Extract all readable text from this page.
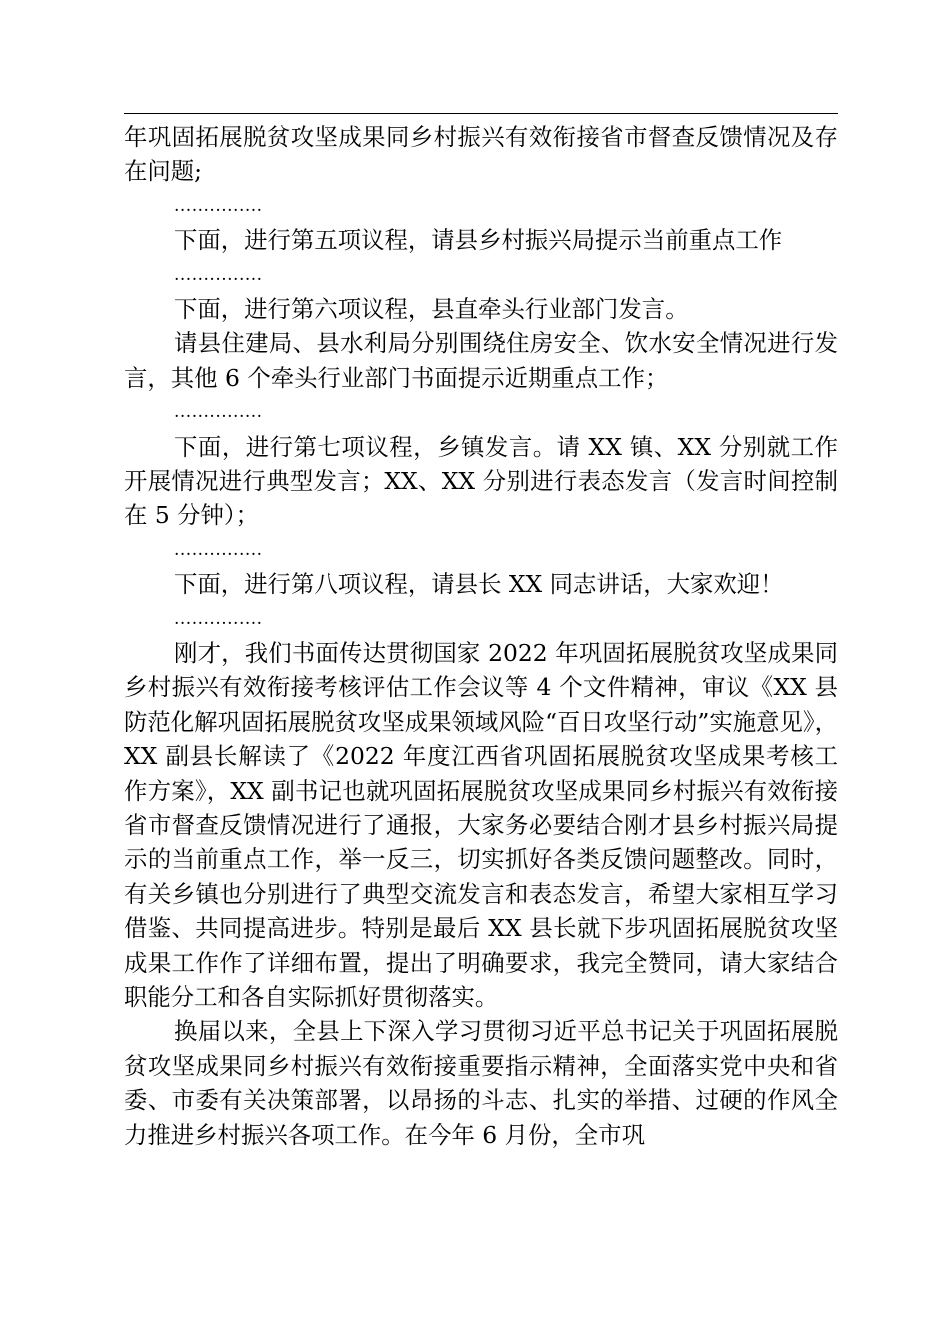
年巩固拓展脱贫攻坚成果同乡村振兴有效衔接省市督查反馈情况及存在问题;

...............

下面，进行第五项议程，请县乡村振兴局提示当前重点工作

...............

下面，进行第六项议程，县直牵头行业部门发言。

请县住建局、县水利局分别围绕住房安全、饮水安全情况进行发言，其他 6 个牵头行业部门书面提示近期重点工作；

...............

下面，进行第七项议程，乡镇发言。请 XX 镇、XX 分别就工作开展情况进行典型发言；XX、XX 分别进行表态发言（发言时间控制在 5 分钟）；

...............

下面，进行第八项议程，请县长 XX 同志讲话，大家欢迎！

...............

刚才，我们书面传达贯彻国家 2022 年巩固拓展脱贫攻坚成果同乡村振兴有效衔接考核评估工作会议等 4 个文件精神，审议《XX 县防范化解巩固拓展脱贫攻坚成果领域风险“百日攻坚行动”实施意见》，XX 副县长解读了《2022 年度江西省巩固拓展脱贫攻坚成果考核工作方案》，XX 副书记也就巩固拓展脱贫攻坚成果同乡村振兴有效衔接省市督查反馈情况进行了通报，大家务必要结合刚才县乡村振兴局提示的当前重点工作，举一反三，切实抓好各类反馈问题整改。同时，有关乡镇也分别进行了典型交流发言和表态发言，希望大家相互学习借鉴、共同提高进步。特别是最后 XX 县长就下步巩固拓展脱贫攻坚成果工作作了详细布置，提出了明确要求，我完全赞同，请大家结合职能分工和各自实际抓好贯彻落实。

换届以来，全县上下深入学习贯彻习近平总书记关于巩固拓展脱贫攻坚成果同乡村振兴有效衔接重要指示精神，全面落实党中央和省委、市委有关决策部署，以昂扬的斗志、扎实的举措、过硬的作风全力推进乡村振兴各项工作。在今年 6 月份，全市巩
